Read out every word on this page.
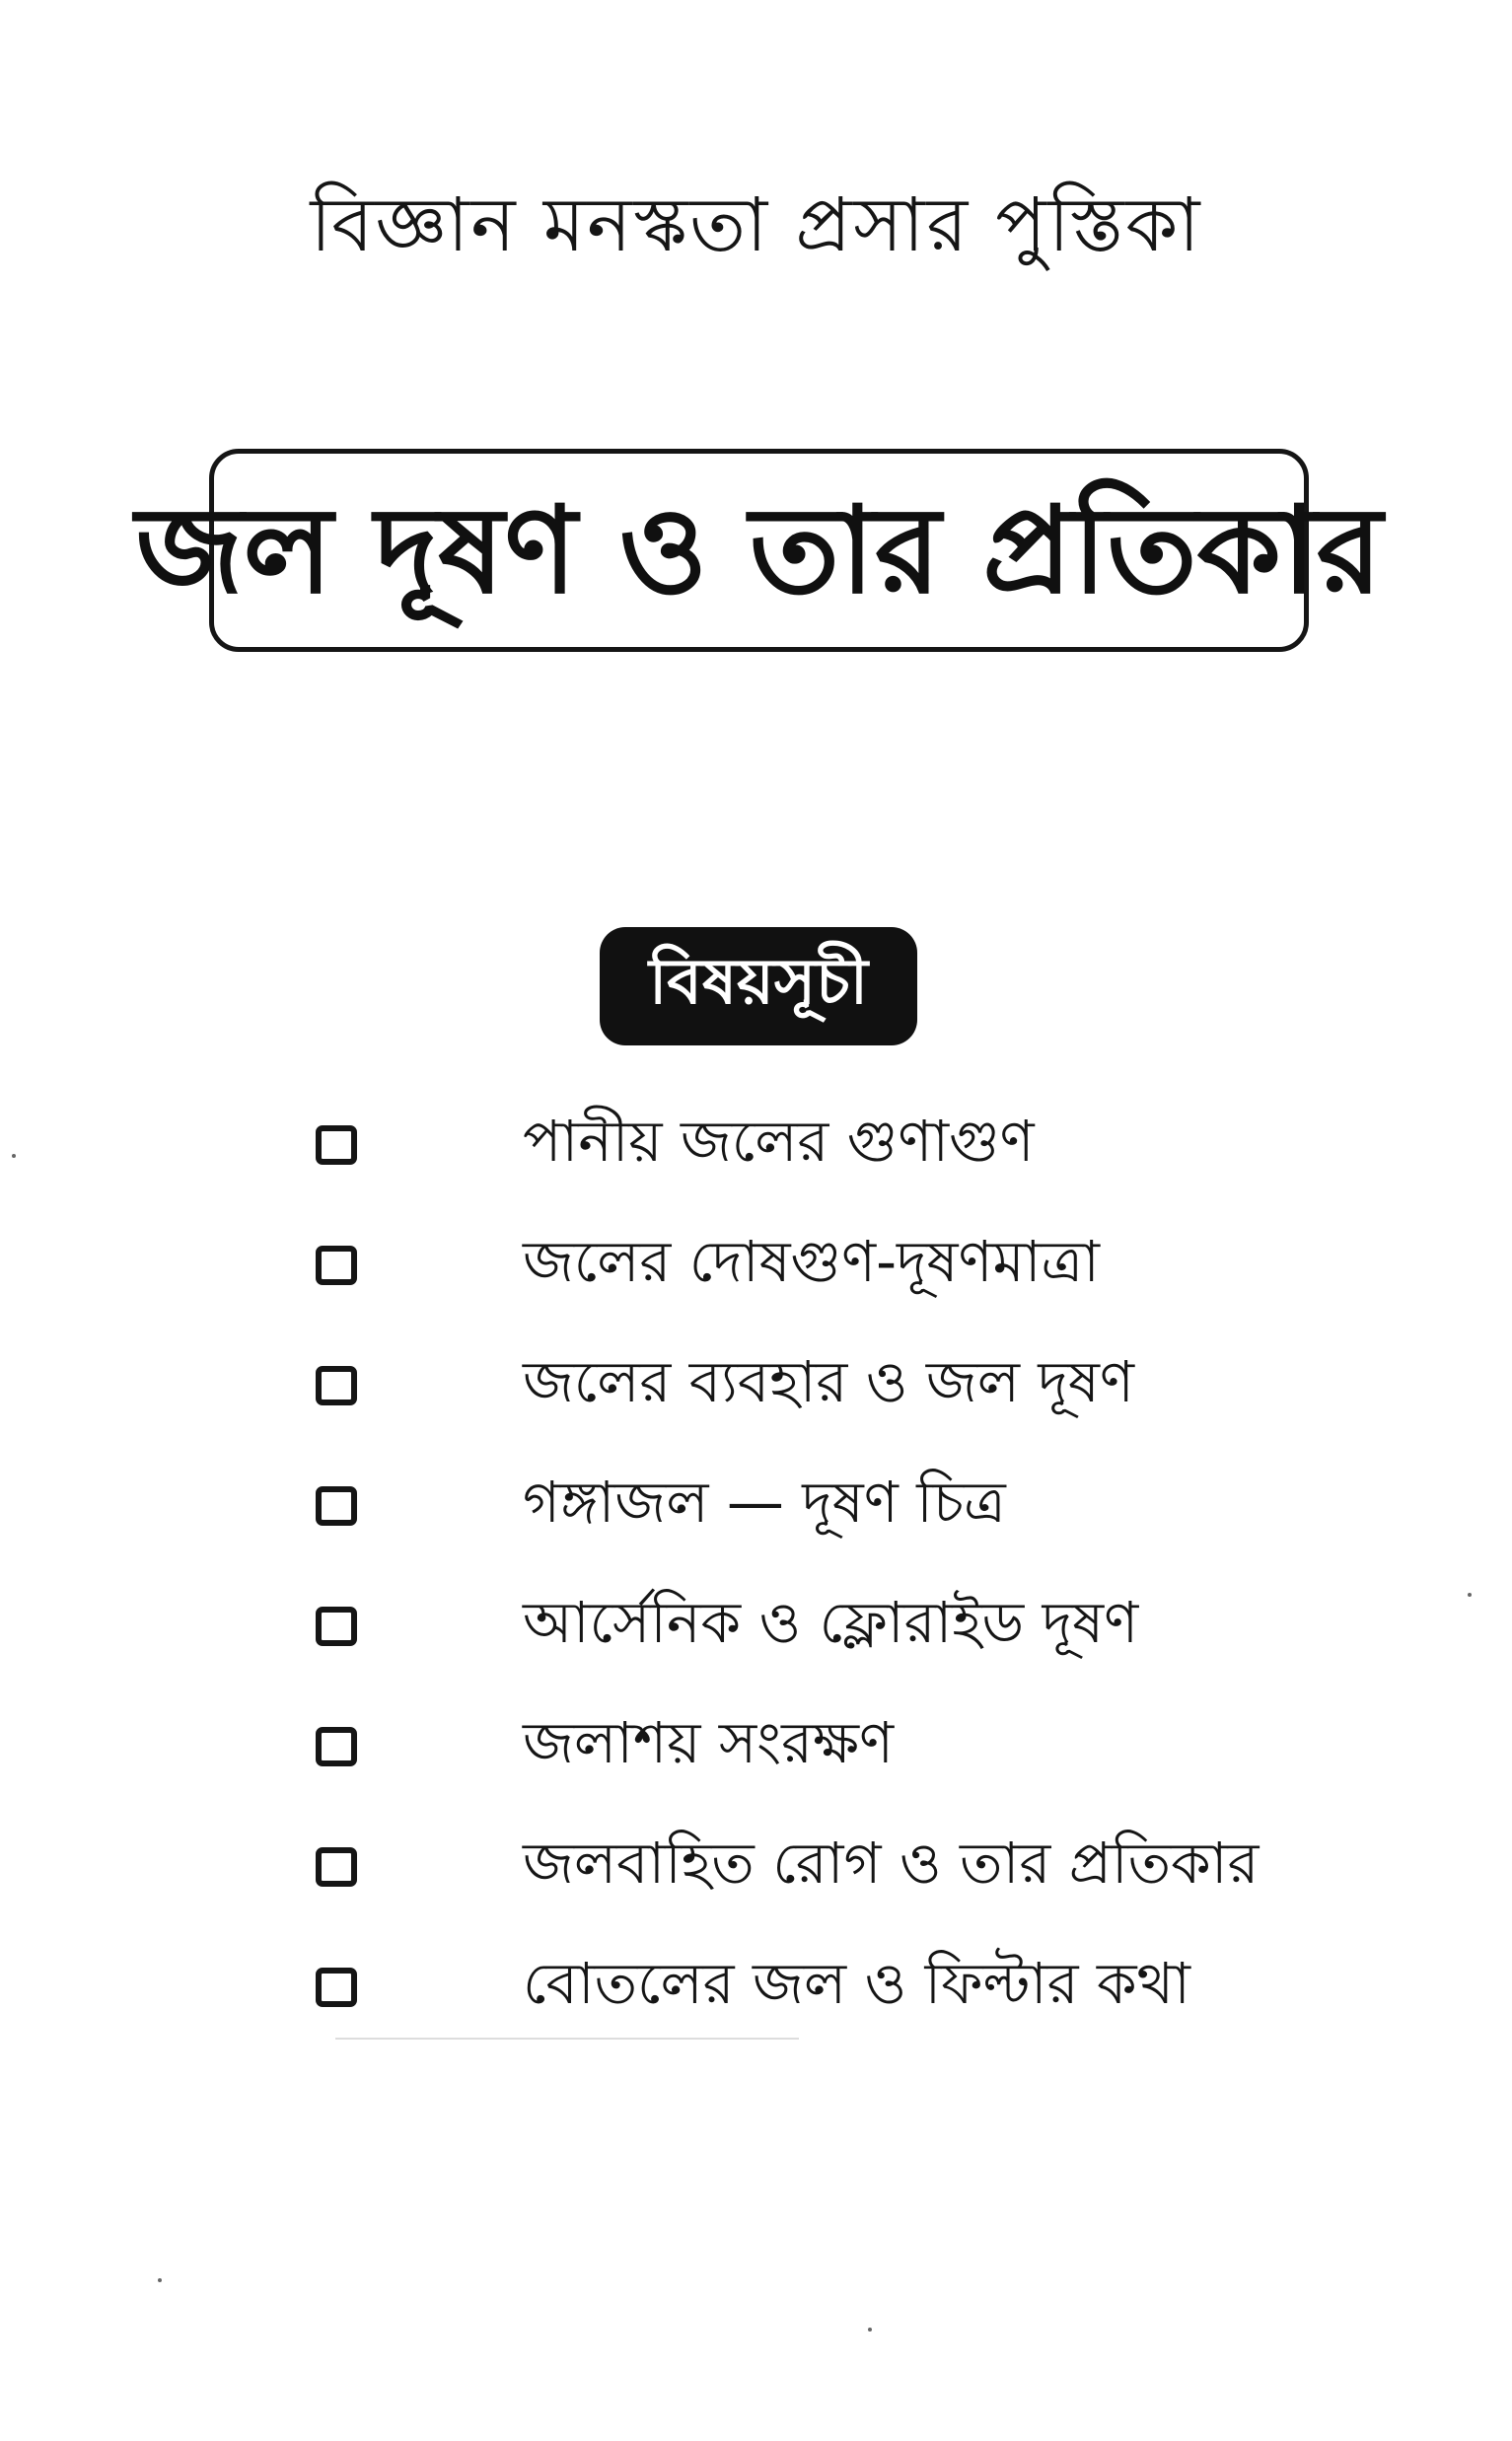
বিজ্ঞান মনস্কতা প্রসার পুস্তিকা
জল দূষণ ও তার প্রতিকার
বিষয়সূচী
পানীয় জলের গুণাগুণ
জলের দোষগুণ-দূষণমাত্রা
জলের ব্যবহার ও জল দূষণ
গঙ্গাজল — দূষণ চিত্র
আর্সেনিক ও ফ্লোরাইড দূষণ
জলাশয় সংরক্ষণ
জলবাহিত রোগ ও তার প্রতিকার
বোতলের জল ও ফিল্টার কথা
